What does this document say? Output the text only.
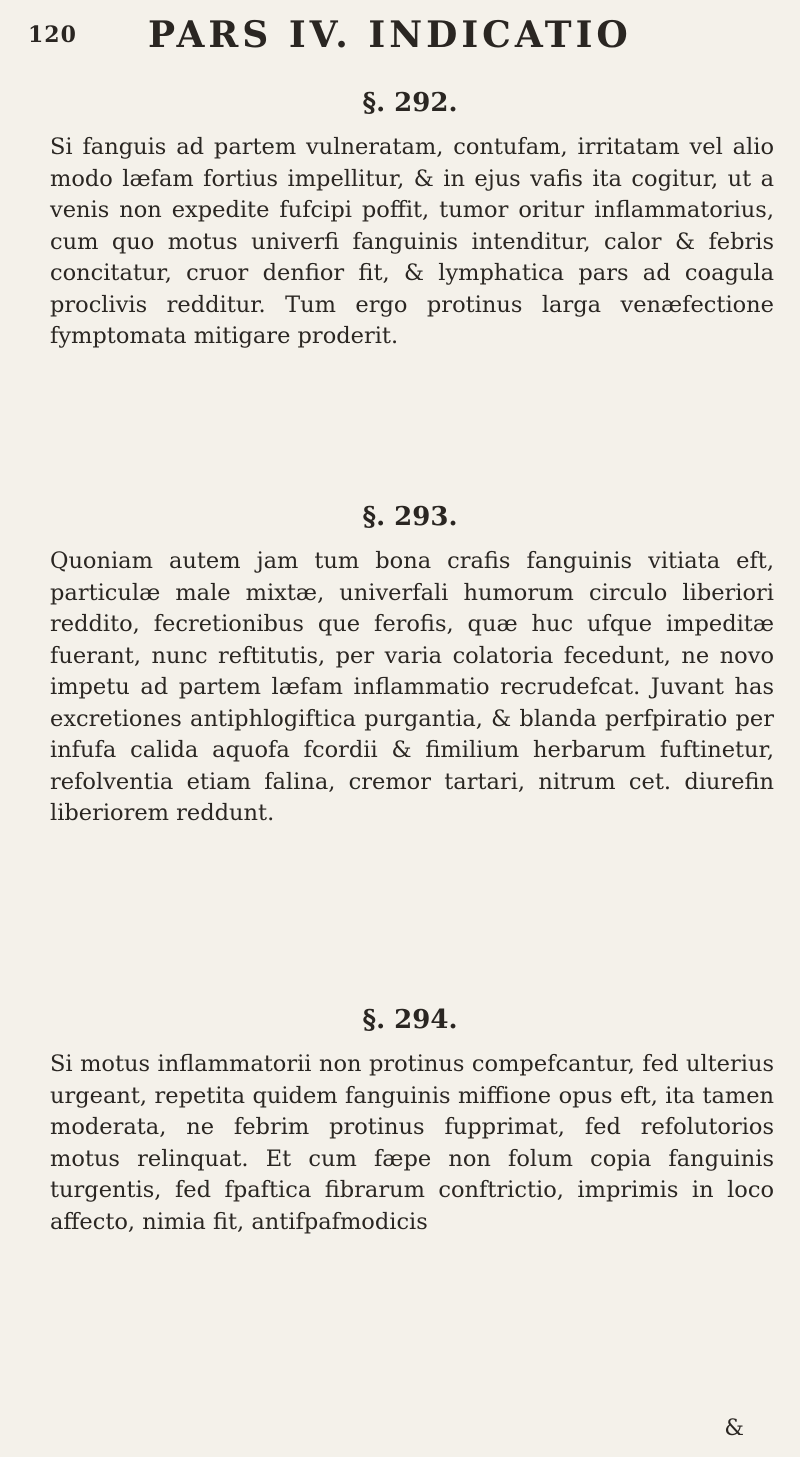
120 PARS IV. INDICATIO
§. 292.

Si fanguis ad partem vulneratam, contufam, irritatam vel alio modo læfam fortius impellitur, & in ejus vafis ita cogitur, ut a venis non expedite fufcipi poffit, tumor oritur inflammatorius, cum quo motus univerfi fanguinis intenditur, calor & febris concitatur, cruor denfior fit, & lymphatica pars ad coagula proclivis redditur. Tum ergo protinus larga venæfectione fymptomata mitigare proderit.

§. 293.

Quoniam autem jam tum bona crafis fanguinis vitiata eft, particulæ male mixtæ, univerfali humorum circulo liberiori reddito, fecretionibus que ferofis, quæ huc ufque impeditæ fuerant, nunc reftitutis, per varia colatoria fecedunt, ne novo impetu ad partem læfam inflammatio recrudefcat. Juvant has excretiones antiphlogiftica purgantia, & blanda perfpiratio per infufa calida aquofa fcordii & fimilium herbarum fuftinetur, refolventia etiam falina, cremor tartari, nitrum cet. diurefin liberiorem reddunt.

§. 294.

Si motus inflammatorii non protinus compefcantur, fed ulterius urgeant, repetita quidem fanguinis miffione opus eft, ita tamen moderata, ne febrim protinus fupprimat, fed refolutorios motus relinquat. Et cum fæpe non folum copia fanguinis turgentis, fed fpaftica fibrarum conftrictio, imprimis in loco affecto, nimia fit, antifpafmodicis

&
